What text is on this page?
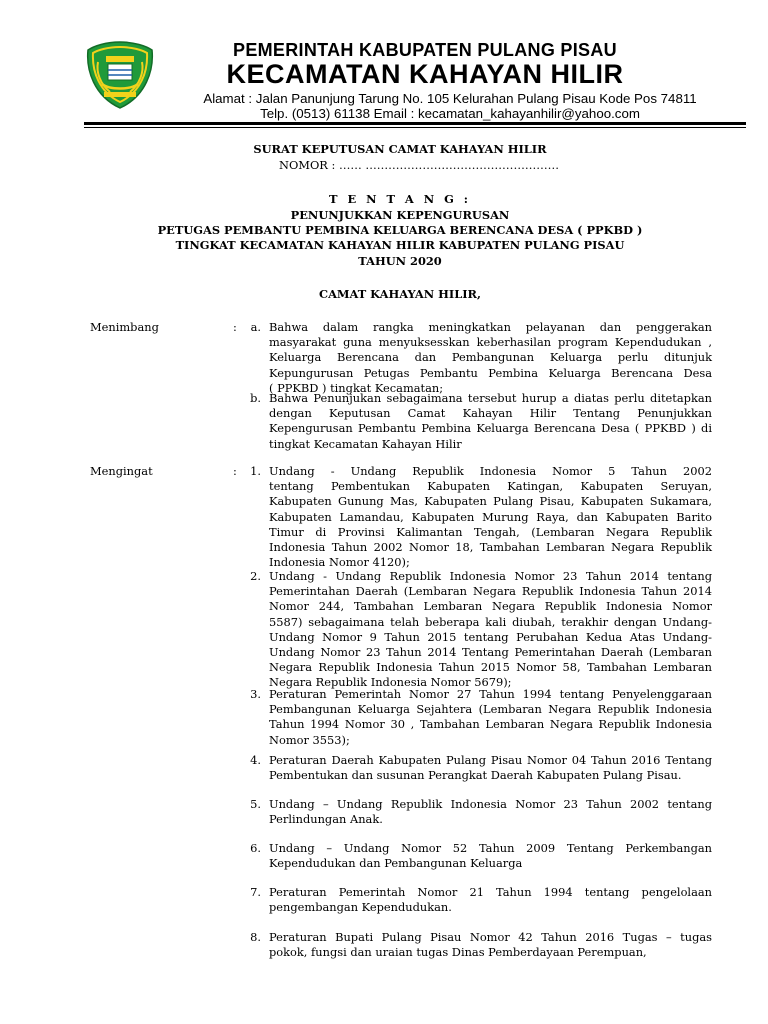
PEMERINTAH KABUPATEN PULANG PISAU
KECAMATAN KAHAYAN HILIR
Alamat : Jalan Panunjung Tarung No. 105 Kelurahan Pulang Pisau Kode Pos 74811
Telp. (0513) 61138 Email : kecamatan_kahayanhilir@yahoo.com
SURAT KEPUTUSAN CAMAT KAHAYAN HILIR
NOMOR : …… ……………………………………………
T E N T A N G :
PENUNJUKKAN KEPENGURUSAN
PETUGAS PEMBANTU PEMBINA KELUARGA BERENCANA DESA ( PPKBD )
TINGKAT KECAMATAN KAHAYAN HILIR KABUPATEN PULANG PISAU
TAHUN 2020
CAMAT KAHAYAN HILIR,
Menimbang	:	a. Bahwa dalam rangka meningkatkan pelayanan dan penggerakan
masyarakat guna menyuksesskan keberhasilan program Kependudukan ,
Keluarga Berencana dan Pembangunan Keluarga perlu ditunjuk
Kepungurusan Petugas Pembantu Pembina Keluarga Berencana Desa
( PPKBD ) tingkat Kecamatan;
b. Bahwa Penunjukan sebagaimana tersebut hurup a diatas perlu ditetapkan
dengan Keputusan Camat Kahayan Hilir Tentang Penunjukkan
Kepengurusan Pembantu Pembina Keluarga Berencana Desa ( PPKBD ) di
tingkat Kecamatan Kahayan Hilir
Mengingat	:	1. Undang - Undang Republik Indonesia Nomor 5 Tahun 2002
tentang Pembentukan Kabupaten Katingan, Kabupaten Seruyan,
Kabupaten Gunung Mas, Kabupaten Pulang Pisau, Kabupaten Sukamara,
Kabupaten Lamandau, Kabupaten Murung Raya, dan Kabupaten Barito
Timur di Provinsi Kalimantan Tengah, (Lembaran Negara Republik
Indonesia Tahun 2002 Nomor 18, Tambahan Lembaran Negara Republik
Indonesia Nomor 4120);
2. Undang - Undang Republik Indonesia Nomor 23 Tahun 2014 tentang
Pemerintahan Daerah (Lembaran Negara Republik Indonesia Tahun 2014
Nomor 244, Tambahan Lembaran Negara Republik Indonesia Nomor
5587) sebagaimana telah beberapa kali diubah, terakhir dengan Undang-
Undang Nomor 9 Tahun 2015 tentang Perubahan Kedua Atas Undang-
Undang Nomor 23 Tahun 2014 Tentang Pemerintahan Daerah (Lembaran
Negara Republik Indonesia Tahun 2015 Nomor 58, Tambahan Lembaran
Negara Republik Indonesia Nomor 5679);
3. Peraturan Pemerintah Nomor 27 Tahun 1994 tentang Penyelenggaraan
Pembangunan Keluarga Sejahtera (Lembaran Negara Republik Indonesia
Tahun 1994 Nomor 30 , Tambahan Lembaran Negara Republik Indonesia
Nomor 3553);
4. Peraturan Daerah Kabupaten Pulang Pisau Nomor 04 Tahun 2016 Tentang
Pembentukan dan susunan Perangkat Daerah Kabupaten Pulang Pisau.
5. Undang – Undang Republik Indonesia Nomor 23 Tahun 2002 tentang
Perlindungan Anak.
6. Undang – Undang Nomor 52 Tahun 2009 Tentang Perkembangan
Kependudukan dan Pembangunan Keluarga
7. Peraturan Pemerintah Nomor 21 Tahun 1994 tentang pengelolaan
pengembangan Kependudukan.
8. Peraturan Bupati Pulang Pisau Nomor 42 Tahun 2016 Tugas – tugas
pokok, fungsi dan uraian tugas Dinas Pemberdayaan Perempuan,
